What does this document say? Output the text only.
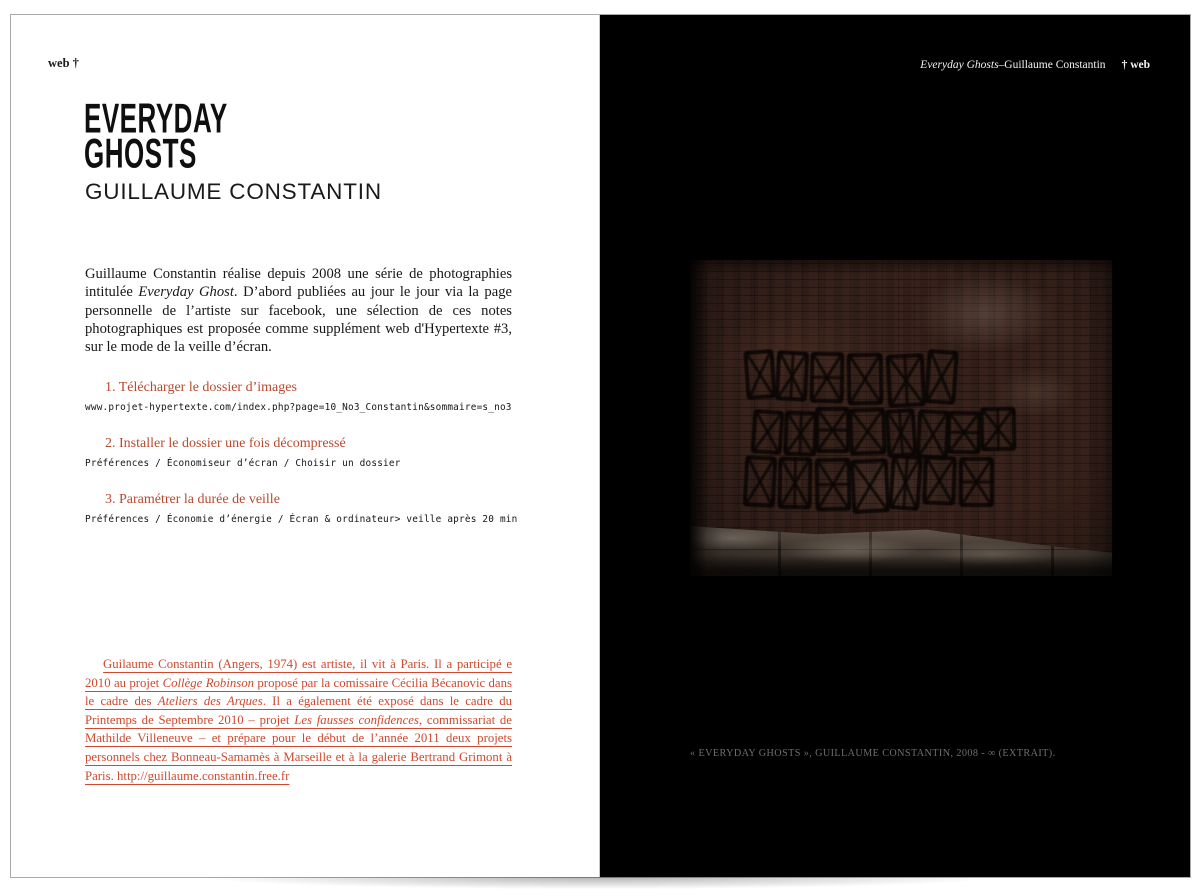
web †
EVERYDAY
GHOSTS
GUILLAUME CONSTANTIN

Guillaume Constantin réalise depuis 2008 une série de photographies intitulée Everyday Ghost. D’abord publiées au jour le jour via la page personnelle de l’artiste sur facebook, une sélection de ces notes photographiques est proposée comme supplément web d'Hypertexte #3, sur le mode de la veille d’écran.

1. Télécharger le dossier d’images
www.projet-hypertexte.com/index.php?page=10_No3_Constantin&sommaire=s_no3
2. Installer le dossier une fois décompressé
Préférences / Économiseur d’écran / Choisir un dossier
3. Paramétrer la durée de veille
Préférences / Économie d’énergie / Écran & ordinateur> veille après 20 min

Guilaume Constantin (Angers, 1974) est artiste, il vit à Paris. Il a participé e 2010 au projet Collège Robinson proposé par la comissaire Cécilia Bécanovic dans le cadre des Ateliers des Arques. Il a également été exposé dans le cadre du Printemps de Septembre 2010 – projet Les fausses confidences, commissariat de Mathilde Villeneuve – et prépare pour le début de l’année 2011 deux projets personnels chez Bonneau-Samamès à Marseille et à la galerie Bertrand Grimont à Paris. http://guillaume.constantin.free.fr

Everyday Ghosts–Guillaume Constantin † web
« EVERYDAY GHOSTS », GUILLAUME CONSTANTIN, 2008 - ∞ (EXTRAIT).
